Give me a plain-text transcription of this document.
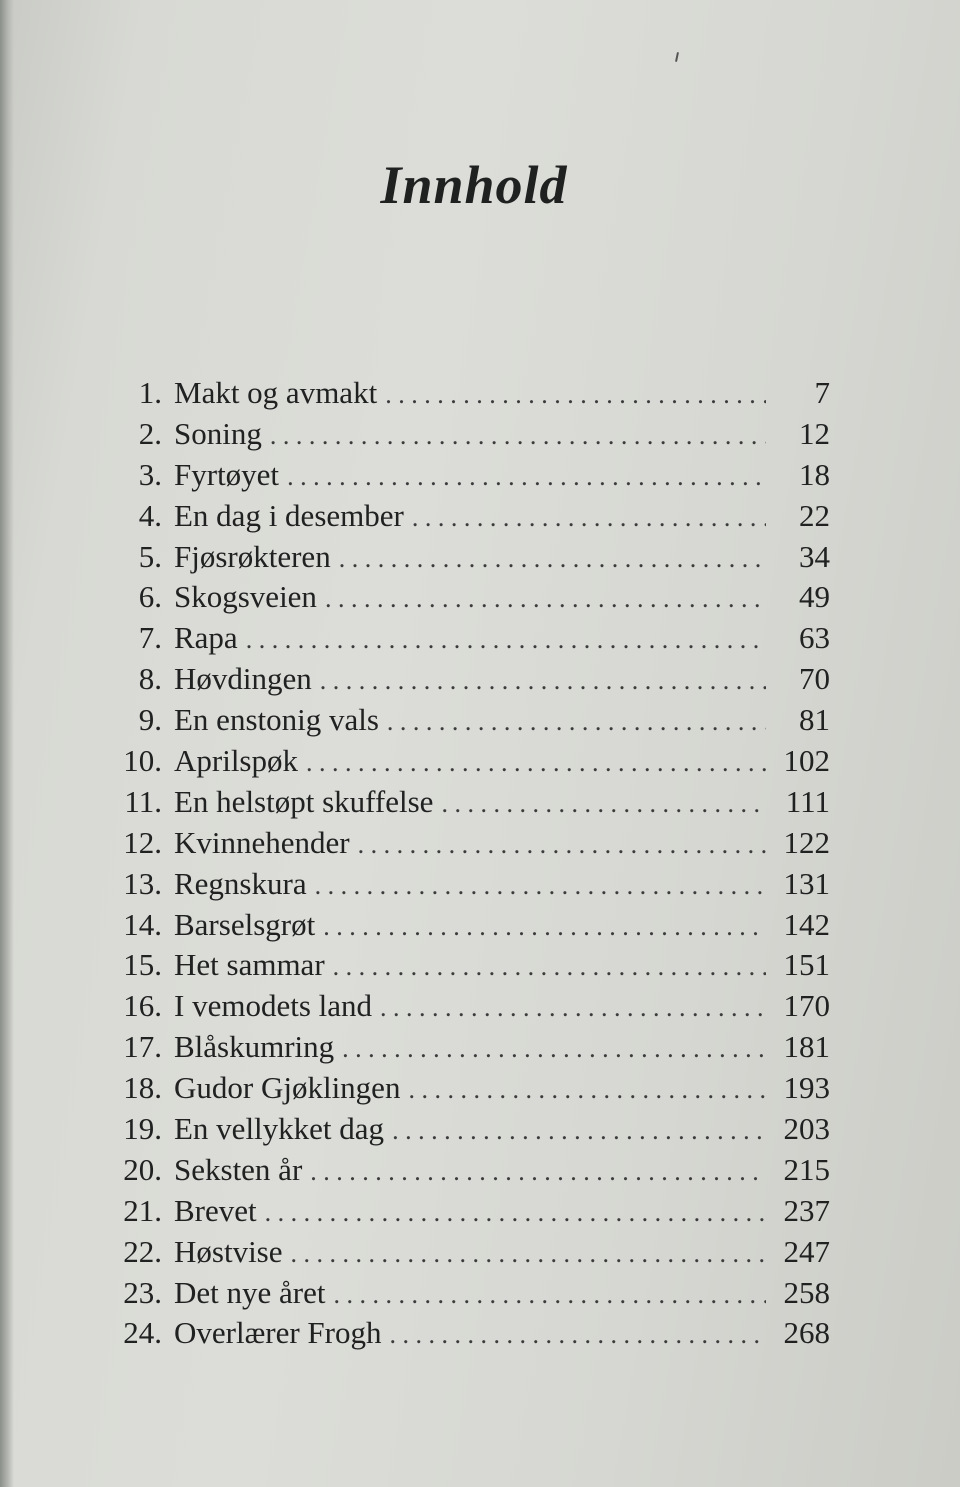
Innhold
1. Makt og avmakt . . .	7
2. Soning . . .	12
3. Fyrtøyet . . .	18
4. En dag i desember . . .	22
5. Fjøsrøkteren . . .	34
6. Skogsveien . . .	49
7. Rapa . . .	63
8. Høvdingen . . .	70
9. En enstonig vals . . .	81
10. Aprilspøk . . .	102
11. En helstøpt skuffelse . . .	111
12. Kvinnehender . . .	122
13. Regnskura . . .	131
14. Barselsgrøt . . .	142
15. Het sammar . . .	151
16. I vemodets land . . .	170
17. Blåskumring . . .	181
18. Gudor Gjøklingen . . .	193
19. En vellykket dag . . .	203
20. Seksten år . . .	215
21. Brevet . . .	237
22. Høstvise . . .	247
23. Det nye året . . .	258
24. Overlærer Frogh . . .	268
